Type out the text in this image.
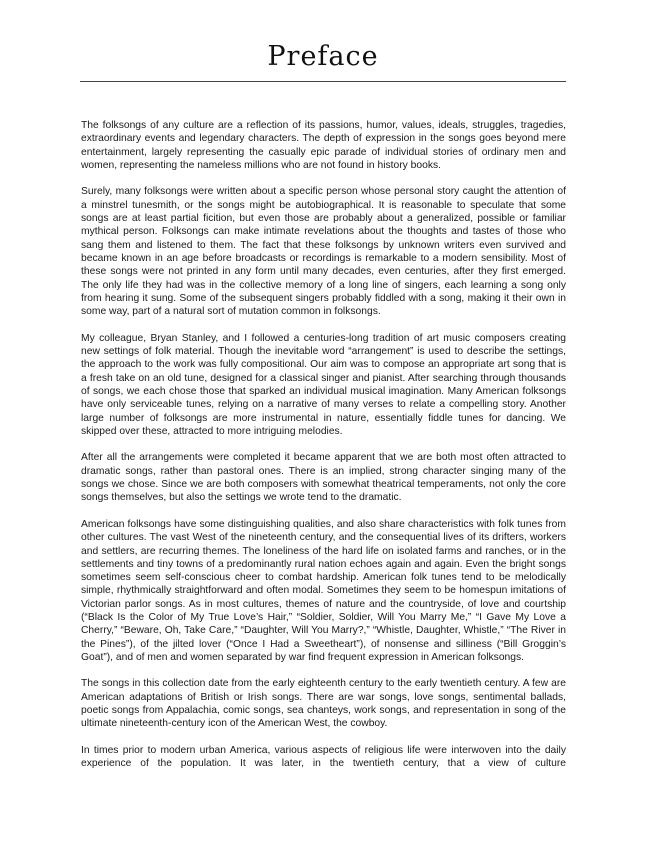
Preface

The folksongs of any culture are a reflection of its passions, humor, values, ideals, struggles, tragedies, extraordinary events and legendary characters. The depth of expression in the songs goes beyond mere entertainment, largely representing the casually epic parade of individual stories of ordinary men and women, representing the nameless millions who are not found in history books.

Surely, many folksongs were written about a specific person whose personal story caught the attention of a minstrel tunesmith, or the songs might be autobiographical. It is reasonable to speculate that some songs are at least partial ficition, but even those are probably about a generalized, possible or familiar mythical person. Folksongs can make intimate revelations about the thoughts and tastes of those who sang them and listened to them. The fact that these folksongs by unknown writers even survived and became known in an age before broadcasts or recordings is remarkable to a modern sensibility. Most of these songs were not printed in any form until many decades, even centuries, after they first emerged. The only life they had was in the collective memory of a long line of singers, each learning a song only from hearing it sung. Some of the subsequent singers probably fiddled with a song, making it their own in some way, part of a natural sort of mutation common in folksongs.

My colleague, Bryan Stanley, and I followed a centuries-long tradition of art music composers creating new settings of folk material. Though the inevitable word “arrangement” is used to describe the settings, the approach to the work was fully compositional. Our aim was to compose an appropriate art song that is a fresh take on an old tune, designed for a classical singer and pianist. After searching through thousands of songs, we each chose those that sparked an individual musical imagination. Many American folksongs have only serviceable tunes, relying on a narrative of many verses to relate a compelling story. Another large number of folksongs are more instrumental in nature, essentially fiddle tunes for dancing. We skipped over these, attracted to more intriguing melodies.

After all the arrangements were completed it became apparent that we are both most often attracted to dramatic songs, rather than pastoral ones. There is an implied, strong character singing many of the songs we chose. Since we are both composers with somewhat theatrical temperaments, not only the core songs themselves, but also the settings we wrote tend to the dramatic.

American folksongs have some distinguishing qualities, and also share characteristics with folk tunes from other cultures. The vast West of the nineteenth century, and the consequential lives of its drifters, workers and settlers, are recurring themes. The loneliness of the hard life on isolated farms and ranches, or in the settlements and tiny towns of a predominantly rural nation echoes again and again. Even the bright songs sometimes seem self-conscious cheer to combat hardship. American folk tunes tend to be melodically simple, rhythmically straightforward and often modal. Sometimes they seem to be homespun imitations of Victorian parlor songs. As in most cultures, themes of nature and the countryside, of love and courtship (“Black Is the Color of My True Love’s Hair,” “Soldier, Soldier, Will You Marry Me,” “I Gave My Love a Cherry,” “Beware, Oh, Take Care,” “Daughter, Will You Marry?,” “Whistle, Daughter, Whistle,” “The River in the Pines”), of the jilted lover (“Once I Had a Sweetheart”), of nonsense and silliness (“Bill Groggin’s Goat”), and of men and women separated by war find frequent expression in American folksongs.

The songs in this collection date from the early eighteenth century to the early twentieth century. A few are American adaptations of British or Irish songs. There are war songs, love songs, sentimental ballads, poetic songs from Appalachia, comic songs, sea chanteys, work songs, and representation in song of the ultimate nineteenth-century icon of the American West, the cowboy.

In times prior to modern urban America, various aspects of religious life were interwoven into the daily experience of the population. It was later, in the twentieth century, that a view of culture
